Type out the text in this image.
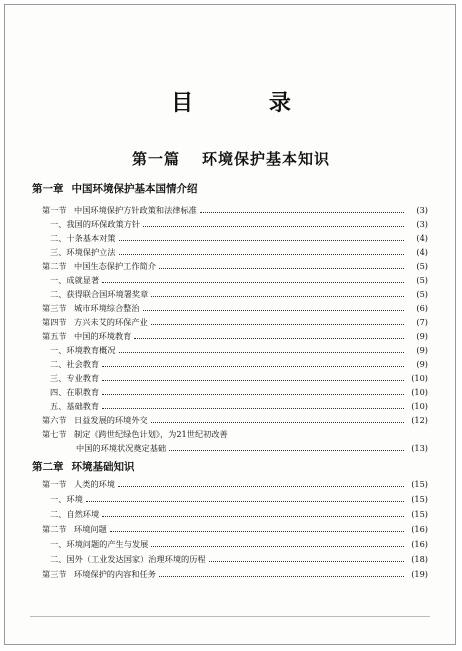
目 录
第一篇 环境保护基本知识
第一章 中国环境保护基本国情介绍
第一节 中国环境保护方针政策和法律标准	(3)
一、我国的环保政策方针	(3)
二、十条基本对策	(4)
三、环境保护立法	(4)
第二节 中国生态保护工作简介	(5)
一、成就显著	(5)
二、获得联合国环境署奖章	(5)
第三节 城市环境综合整治	(6)
第四节 方兴未艾的环保产业	(7)
第五节 中国的环境教育	(9)
一、环境教育概况	(9)
二、社会教育	(9)
三、专业教育	(10)
四、在职教育	(10)
五、基础教育	(10)
第六节 日益发展的环境外交	(12)
第七节 制定《跨世纪绿色计划》，为21世纪初改善
中国的环境状况奠定基础	(13)
第二章 环境基础知识
第一节 人类的环境	(15)
一、环境	(15)
二、自然环境	(15)
第二节 环境问题	(16)
一、环境问题的产生与发展	(16)
二、国外（工业发达国家）治理环境的历程	(18)
第三节 环境保护的内容和任务	(19)
